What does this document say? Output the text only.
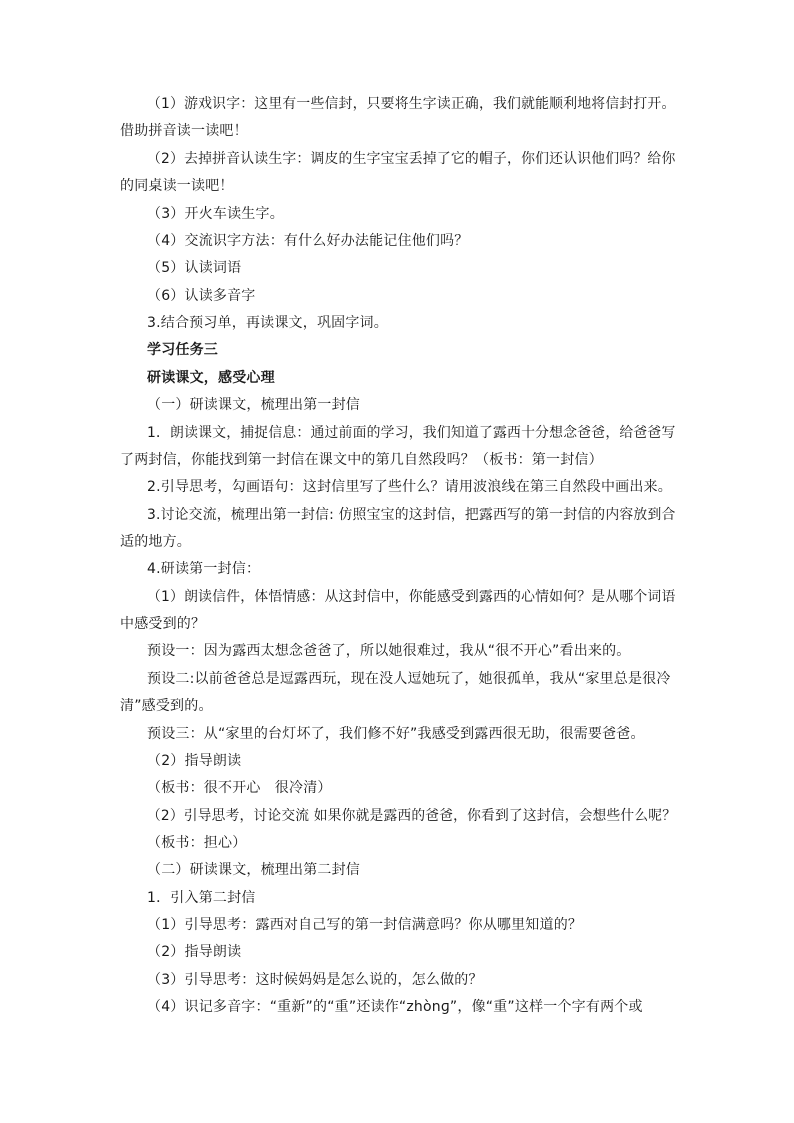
（1）游戏识字：这里有一些信封，只要将生字读正确，我们就能顺利地将信封打开。
借助拼音读一读吧！
（2）去掉拼音认读生字：调皮的生字宝宝丢掉了它的帽子，你们还认识他们吗？给你
的同桌读一读吧！
（3）开火车读生字。
（4）交流识字方法：有什么好办法能记住他们吗？
（5）认读词语
（6）认读多音字
3.结合预习单，再读课文，巩固字词。
学习任务三
研读课文，感受心理
（一）研读课文，梳理出第一封信
1．朗读课文，捕捉信息：通过前面的学习，我们知道了露西十分想念爸爸，给爸爸写
了两封信，你能找到第一封信在课文中的第几自然段吗？（板书：第一封信）
2.引导思考，勾画语句：这封信里写了些什么？请用波浪线在第三自然段中画出来。
3.讨论交流，梳理出第一封信: 仿照宝宝的这封信，把露西写的第一封信的内容放到合
适的地方。
4.研读第一封信：
（1）朗读信件，体悟情感：从这封信中，你能感受到露西的心情如何？是从哪个词语
中感受到的？
预设一：因为露西太想念爸爸了，所以她很难过，我从“很不开心”看出来的。
预设二:以前爸爸总是逗露西玩，现在没人逗她玩了，她很孤单，我从“家里总是很冷
清”感受到的。
预设三：从“家里的台灯坏了，我们修不好”我感受到露西很无助，很需要爸爸。
（2）指导朗读
（板书：很不开心　很冷清）
（2）引导思考，讨论交流 如果你就是露西的爸爸，你看到了这封信，会想些什么呢？
（板书：担心）
（二）研读课文，梳理出第二封信
1．引入第二封信
（1）引导思考：露西对自己写的第一封信满意吗？你从哪里知道的？
（2）指导朗读
（3）引导思考：这时候妈妈是怎么说的，怎么做的？
（4）识记多音字：“重新”的“重”还读作“zhònɡ”，像“重”这样一个字有两个或
